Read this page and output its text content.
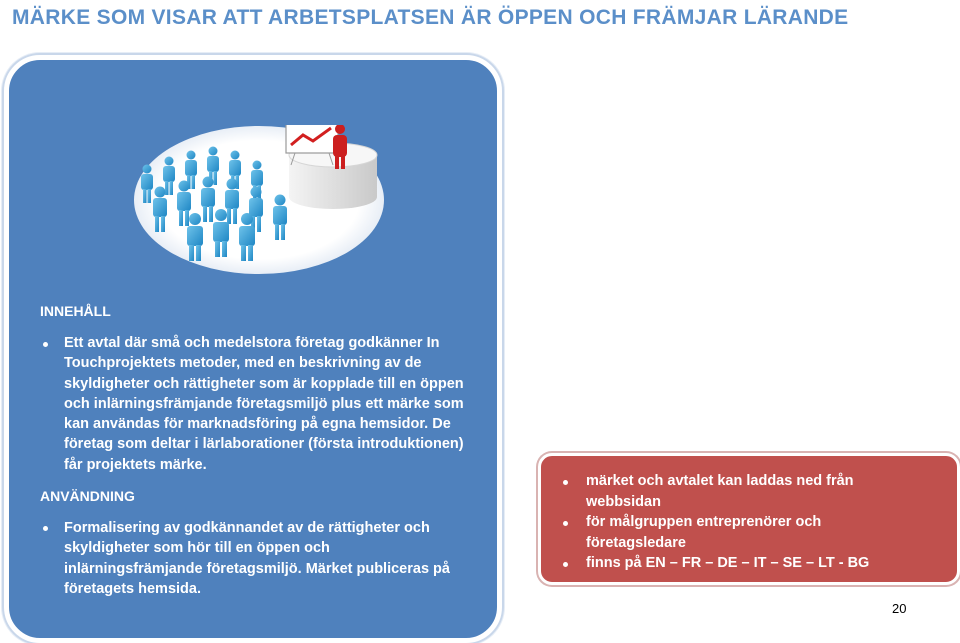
MÄRKE SOM VISAR ATT ARBETSPLATSEN ÄR ÖPPEN OCH FRÄMJAR LÄRANDE
INNEHÅLL
Ett avtal där små och medelstora företag godkänner In Touchprojektets metoder, med en beskrivning av de skyldigheter och rättigheter som är kopplade till en öppen och inlärningsfrämjande företagsmiljö plus ett märke som kan användas för marknadsföring på egna hemsidor. De företag som deltar i lärlaborationer (första introduktionen) får projektets märke.
ANVÄNDNING
Formalisering av godkännandet av de rättigheter och skyldigheter som hör till en öppen och inlärningsfrämjande företagsmiljö. Märket publiceras på företagets hemsida.
märket och avtalet kan laddas ned från webbsidan
för målgruppen entreprenörer och företagsledare
finns på EN – FR – DE – IT – SE – LT - BG
20
